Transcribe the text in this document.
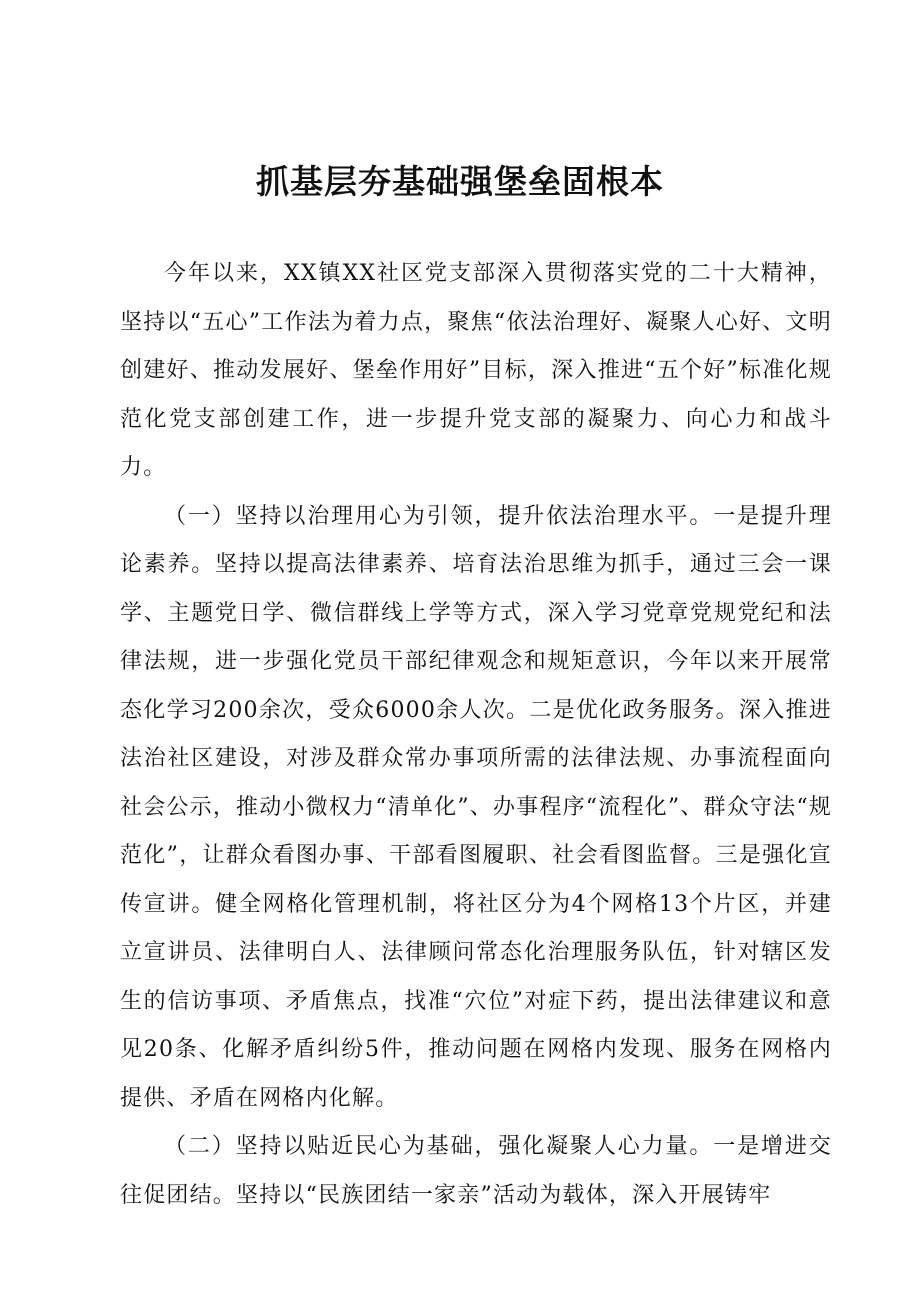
抓基层夯基础强堡垒固根本

今年以来，XX镇XX社区党支部深入贯彻落实党的二十大精神，坚持以“五心”工作法为着力点，聚焦“依法治理好、凝聚人心好、文明创建好、推动发展好、堡垒作用好”目标，深入推进“五个好”标准化规范化党支部创建工作，进一步提升党支部的凝聚力、向心力和战斗力。

（一）坚持以治理用心为引领，提升依法治理水平。一是提升理论素养。坚持以提高法律素养、培育法治思维为抓手，通过三会一课学、主题党日学、微信群线上学等方式，深入学习党章党规党纪和法律法规，进一步强化党员干部纪律观念和规矩意识，今年以来开展常态化学习200余次，受众6000余人次。二是优化政务服务。深入推进法治社区建设，对涉及群众常办事项所需的法律法规、办事流程面向社会公示，推动小微权力“清单化”、办事程序“流程化”、群众守法“规范化”，让群众看图办事、干部看图履职、社会看图监督。三是强化宣传宣讲。健全网格化管理机制，将社区分为4个网格13个片区，并建立宣讲员、法律明白人、法律顾问常态化治理服务队伍，针对辖区发生的信访事项、矛盾焦点，找准“穴位”对症下药，提出法律建议和意见20条、化解矛盾纠纷5件，推动问题在网格内发现、服务在网格内提供、矛盾在网格内化解。

（二）坚持以贴近民心为基础，强化凝聚人心力量。一是增进交往促团结。坚持以“民族团结一家亲”活动为载体，深入开展铸牢
